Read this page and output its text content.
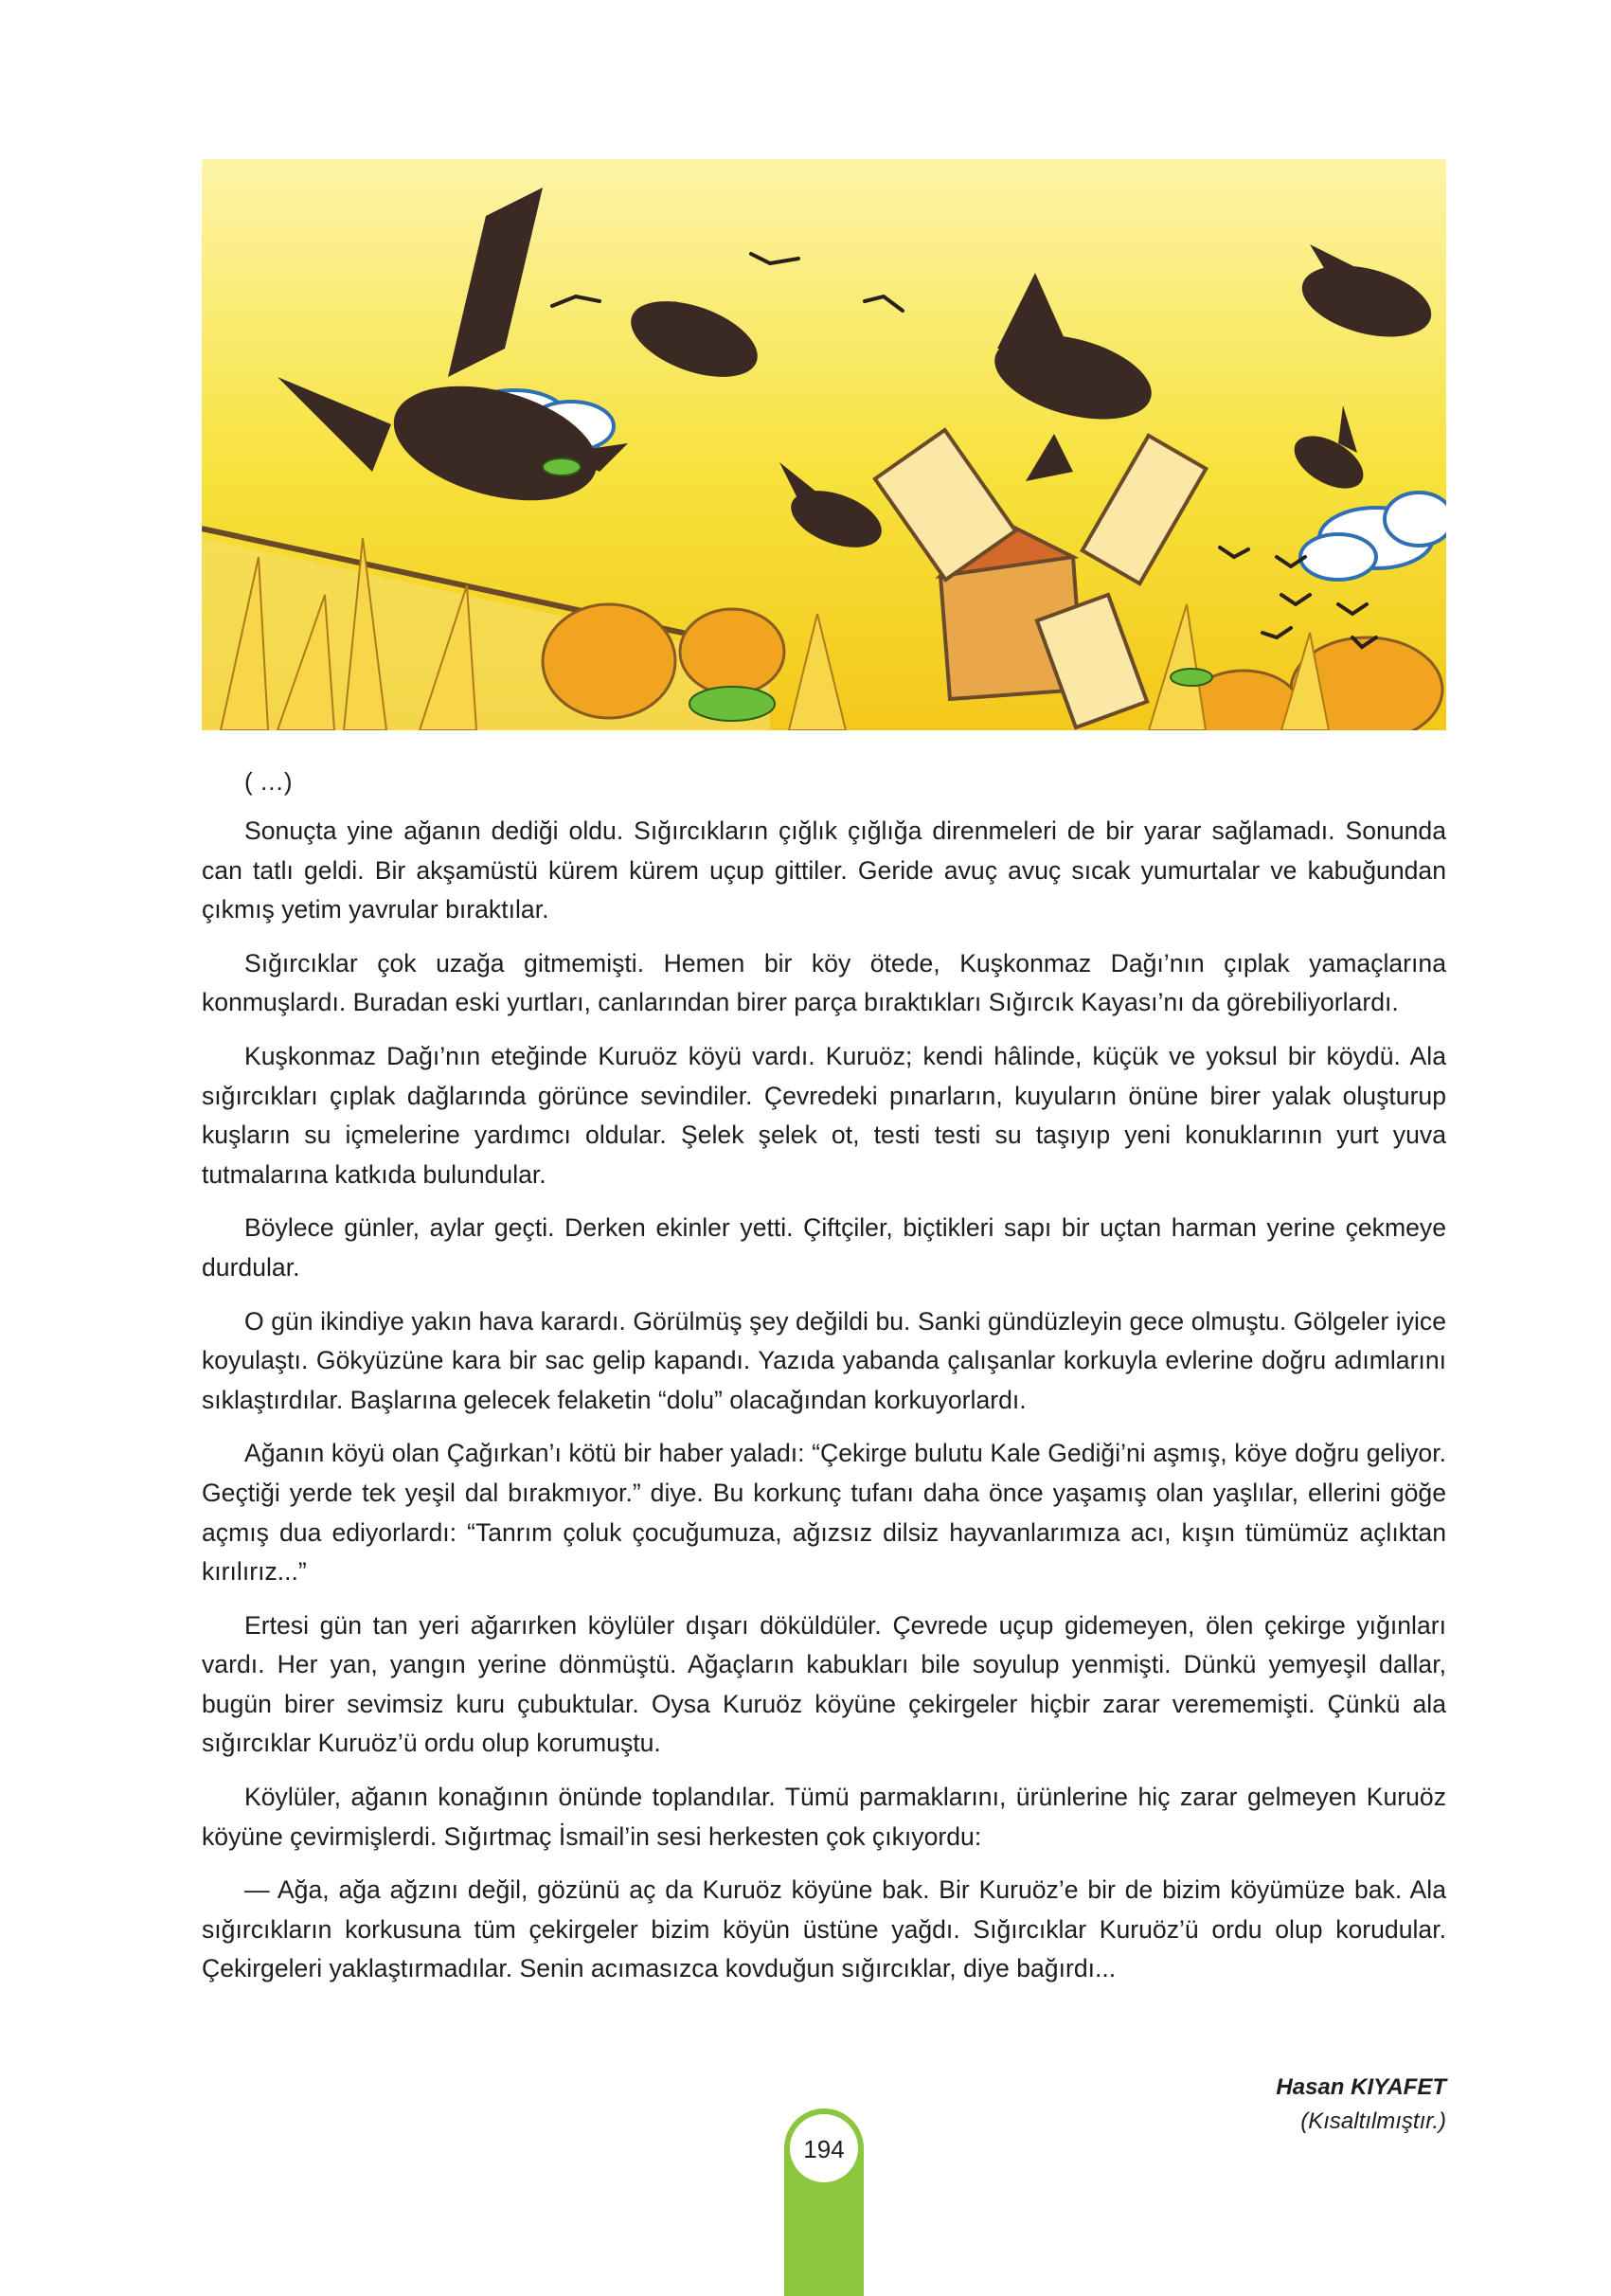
( …)

Sonuçta yine ağanın dediği oldu. Sığırcıkların çığlık çığlığa direnmeleri de bir yarar sağlamadı. Sonunda can tatlı geldi. Bir akşamüstü kürem kürem uçup gittiler. Geride avuç avuç sıcak yumurtalar ve kabuğundan çıkmış yetim yavrular bıraktılar.

Sığırcıklar çok uzağa gitmemişti. Hemen bir köy ötede, Kuşkonmaz Dağı’nın çıplak yamaçlarına konmuşlardı. Buradan eski yurtları, canlarından birer parça bıraktıkları Sığırcık Kayası’nı da görebiliyorlardı.

Kuşkonmaz Dağı’nın eteğinde Kuruöz köyü vardı. Kuruöz; kendi hâlinde, küçük ve yoksul bir köydü. Ala sığırcıkları çıplak dağlarında görünce sevindiler. Çevredeki pınarların, kuyuların önüne birer yalak oluşturup kuşların su içmelerine yardımcı oldular. Şelek şelek ot, testi testi su taşıyıp yeni konuklarının yurt yuva tutmalarına katkıda bulundular.

Böylece günler, aylar geçti. Derken ekinler yetti. Çiftçiler, biçtikleri sapı bir uçtan harman yerine çekmeye durdular.

O gün ikindiye yakın hava karardı. Görülmüş şey değildi bu. Sanki gündüzleyin gece olmuştu. Gölgeler iyice koyulaştı. Gökyüzüne kara bir sac gelip kapandı. Yazıda yabanda çalışanlar korkuyla evlerine doğru adımlarını sıklaştırdılar. Başlarına gelecek felaketin “dolu” olacağından korkuyorlardı.

Ağanın köyü olan Çağırkan’ı kötü bir haber yaladı: “Çekirge bulutu Kale Gediği’ni aşmış, köye doğru geliyor. Geçtiği yerde tek yeşil dal bırakmıyor.” diye. Bu korkunç tufanı daha önce yaşamış olan yaşlılar, ellerini göğe açmış dua ediyorlardı: “Tanrım çoluk çocuğumuza, ağızsız dilsiz hayvanlarımıza acı, kışın tümümüz açlıktan kırılırız...”

Ertesi gün tan yeri ağarırken köylüler dışarı döküldüler. Çevrede uçup gidemeyen, ölen çekirge yığınları vardı. Her yan, yangın yerine dönmüştü. Ağaçların kabukları bile soyulup yenmişti. Dünkü yemyeşil dallar, bugün birer sevimsiz kuru çubuktular. Oysa Kuruöz köyüne çekirgeler hiçbir zarar verememişti. Çünkü ala sığırcıklar Kuruöz’ü ordu olup korumuştu.

Köylüler, ağanın konağının önünde toplandılar. Tümü parmaklarını, ürünlerine hiç zarar gelmeyen Kuruöz köyüne çevirmişlerdi. Sığırtmaç İsmail’in sesi herkesten çok çıkıyordu:

— Ağa, ağa ağzını değil, gözünü aç da Kuruöz köyüne bak. Bir Kuruöz’e bir de bizim köyümüze bak. Ala sığırcıkların korkusuna tüm çekirgeler bizim köyün üstüne yağdı. Sığırcıklar Kuruöz’ü ordu olup korudular. Çekirgeleri yaklaştırmadılar. Senin acımasızca kovduğun sığırcıklar, diye bağırdı...

Hasan KIYAFET
(Kısaltılmıştır.)
194
